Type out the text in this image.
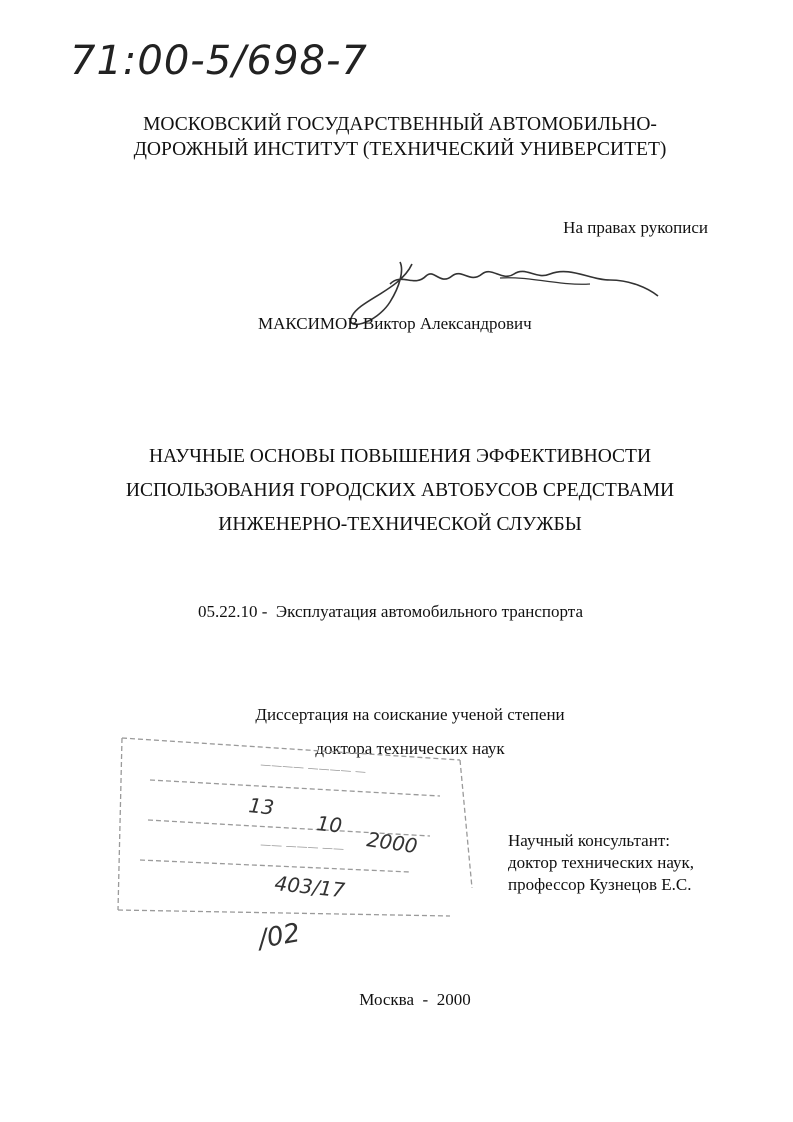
71:00-5/698-7
МОСКОВСКИЙ ГОСУДАРСТВЕННЫЙ АВТОМОБИЛЬНО-
ДОРОЖНЫЙ ИНСТИТУТ (ТЕХНИЧЕСКИЙ УНИВЕРСИТЕТ)
На правах рукописи
МАКСИМОВ Виктор Александрович
НАУЧНЫЕ ОСНОВЫ ПОВЫШЕНИЯ ЭФФЕКТИВНОСТИ
ИСПОЛЬЗОВАНИЯ ГОРОДСКИХ АВТОБУСОВ СРЕДСТВАМИ
ИНЖЕНЕРНО-ТЕХНИЧЕСКОЙ СЛУЖБЫ
05.22.10 -  Эксплуатация автомобильного транспорта
Диссертация на соискание ученой степени
доктора технических наук
———— ———— —
—— ——— ——
13
10
2000
403/17
/02
Научный консультант:
доктор технических наук,
профессор Кузнецов Е.С.
Москва  -  2000
